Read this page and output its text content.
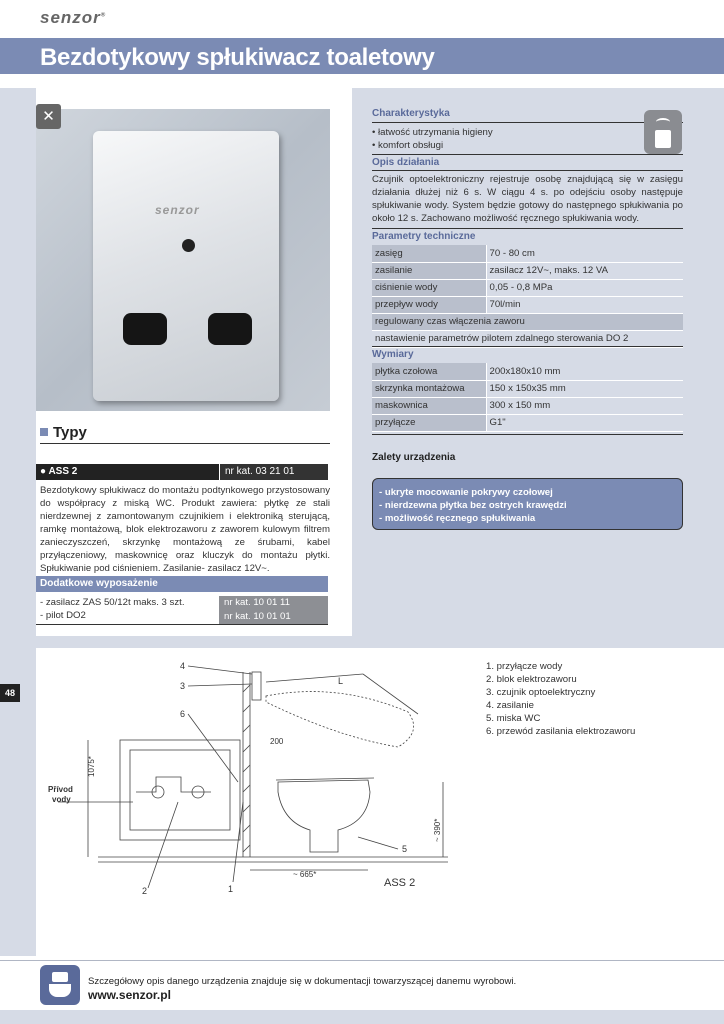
senzor®
Bezdotykowy spłukiwacz toaletowy
senzor
✕
Typy
● ASS 2	nr kat. 03 21 01
Bezdotykowy spłukiwacz do montażu podtynkowego przystosowany do współpracy z miską WC. Produkt zawiera: płytkę ze stali nierdzewnej z zamontowanym czujnikiem i elektroniką sterującą, ramkę montażową, blok elektrozaworu z zaworem kulowym filtrem zanieczyszczeń, skrzynkę montażową ze śrubami, kabel przyłączeniowy, maskownicę oraz kluczyk do montażu płytki. Spłukiwanie pod ciśnieniem. Zasilanie- zasilacz 12V~.
Dodatkowe wyposażenie
- zasilacz ZAS 50/12t maks. 3 szt.	nr kat. 10 01 11
- pilot DO2	nr kat. 10 01 01
Charakterystyka
• łatwość utrzymania higieny
• komfort obsługi
Opis działania
Czujnik optoelektroniczny rejestruje osobę znajdującą się w zasięgu działania dłużej niż 6 s. W ciągu 4 s. po odejściu osoby następuje spłukiwanie wody. System będzie gotowy do następnego spłukiwania po około 12 s. Zachowano możliwość ręcznego spłukiwania wody.
Parametry techniczne
zasięg	70 - 80 cm
zasilanie	zasilacz 12V~, maks. 12 VA
ciśnienie wody	0,05 - 0,8 MPa
przepływ wody	70l/min
regulowany czas włączenia zaworu	
nastawienie parametrów pilotem zdalnego sterowania DO 2	
Wymiary
płytka czołowa	200x180x10 mm
skrzynka montażowa	150 x 150x35 mm
maskownica	300 x 150 mm
przyłącze	G1"
Zalety urządzenia
- ukryte mocowanie pokrywy czołowej
- nierdzewna płytka bez ostrych krawędzi
- możliwość ręcznego spłukiwania
48
4
3
6
L
200
Přívod
vody
5
1
2
~ 665*
ASS 2
1075*
~ 390*
1. przyłącze wody
2. blok elektrozaworu
3. czujnik optoelektryczny
4. zasilanie
5. miska WC
6. przewód zasilania elektrozaworu
Szczegółowy opis danego urządzenia znajduje się w dokumentacji towarzyszącej danemu wyrobowi.
www.senzor.pl
